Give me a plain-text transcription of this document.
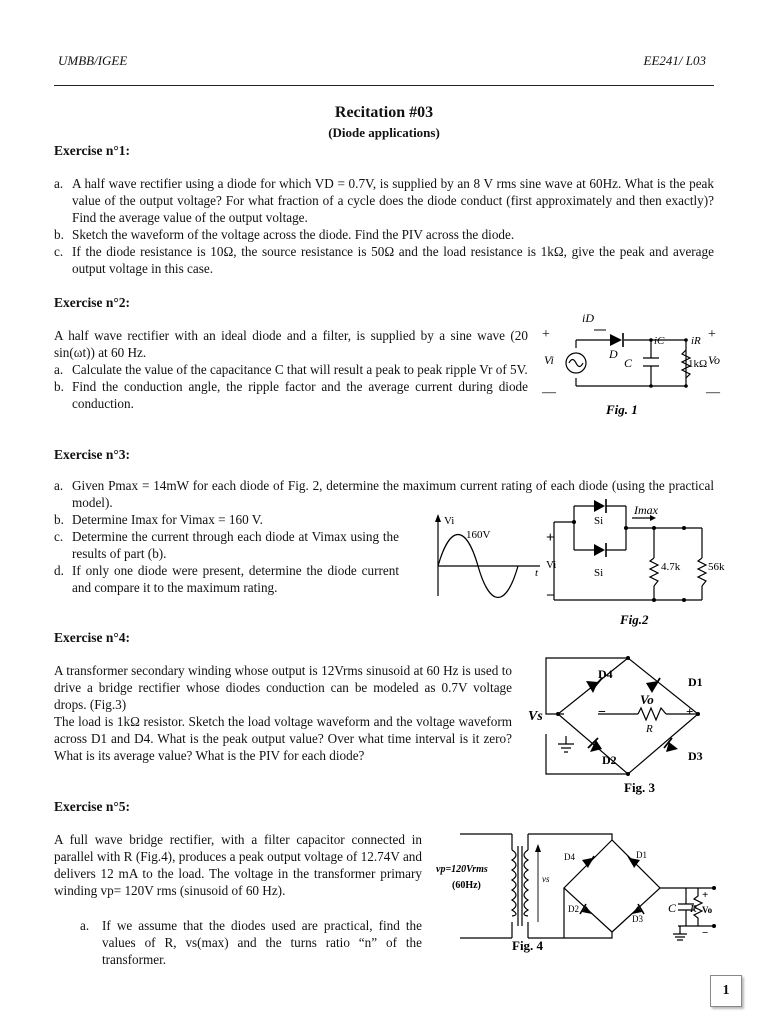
UMBB/IGEE	EE241/ L03
Recitation #03
(Diode applications)
Exercise n°1:
a. A half wave rectifier using a diode for which VD = 0.7V, is supplied by an 8 V rms sine wave at 60Hz. What is the peak value of the output voltage? For what fraction of a cycle does the diode conduct (first approximately and then exactly)? Find the average value of the output voltage.
b. Sketch the waveform of the voltage across the diode. Find the PIV across the diode.
c. If the diode resistance is 10Ω, the source resistance is 50Ω and the load resistance is 1kΩ, give the peak and average output voltage in this case.
Exercise n°2:
A half wave rectifier with an ideal diode and a filter, is supplied by a sine wave (20 sin(ωt)) at 60 Hz.
a. Calculate the value of the capacitance C that will result a peak to peak ripple Vr of 5V.
b. Find the conduction angle, the ripple factor and the average current during diode conduction.
iD
D
iC iR
C	1kΩ Vo
Vi
+	+
—	—
Fig. 1
Exercise n°3:
a. Given Pmax = 14mW for each diode of Fig. 2, determine the maximum current rating of each diode (using the practical model).
b. Determine Imax for Vimax = 160 V.
c. Determine the current through each diode at Vimax using the results of part (b).
d. If only one diode were present, determine the diode current and compare it to the maximum rating.
Vi
160V
t
Si
Si
Imax
4.7k	56k
+
Vi
−
Fig.2
Exercise n°4:
A transformer secondary winding whose output is 12Vrms sinusoid at 60 Hz is used to drive a bridge rectifier whose diodes conduction can be modeled as 0.7V voltage drops. (Fig.3)
The load is 1kΩ resistor. Sketch the load voltage waveform and the voltage waveform across D1 and D4. What is the peak output value? Over what time interval is it zero? What is its average value? What is the PIV for each diode?
D4
D1
D2	D3
Vo
R
Vs	−	+
Fig. 3
Exercise n°5:
A full wave bridge rectifier, with a filter capacitor connected in parallel with R (Fig.4), produces a peak output voltage of 12.74V and delivers 12 mA to the load. The voltage in the transformer primary winding vp= 120V rms (sinusoid of 60 Hz).
a. If we assume that the diodes used are practical, find the values of R, vs(max) and the turns ratio “n” of the transformer.
vp=120Vrms
(60Hz)
vs
D4	D1
D2
D3
C R
+
Vo
−
Fig. 4
1
